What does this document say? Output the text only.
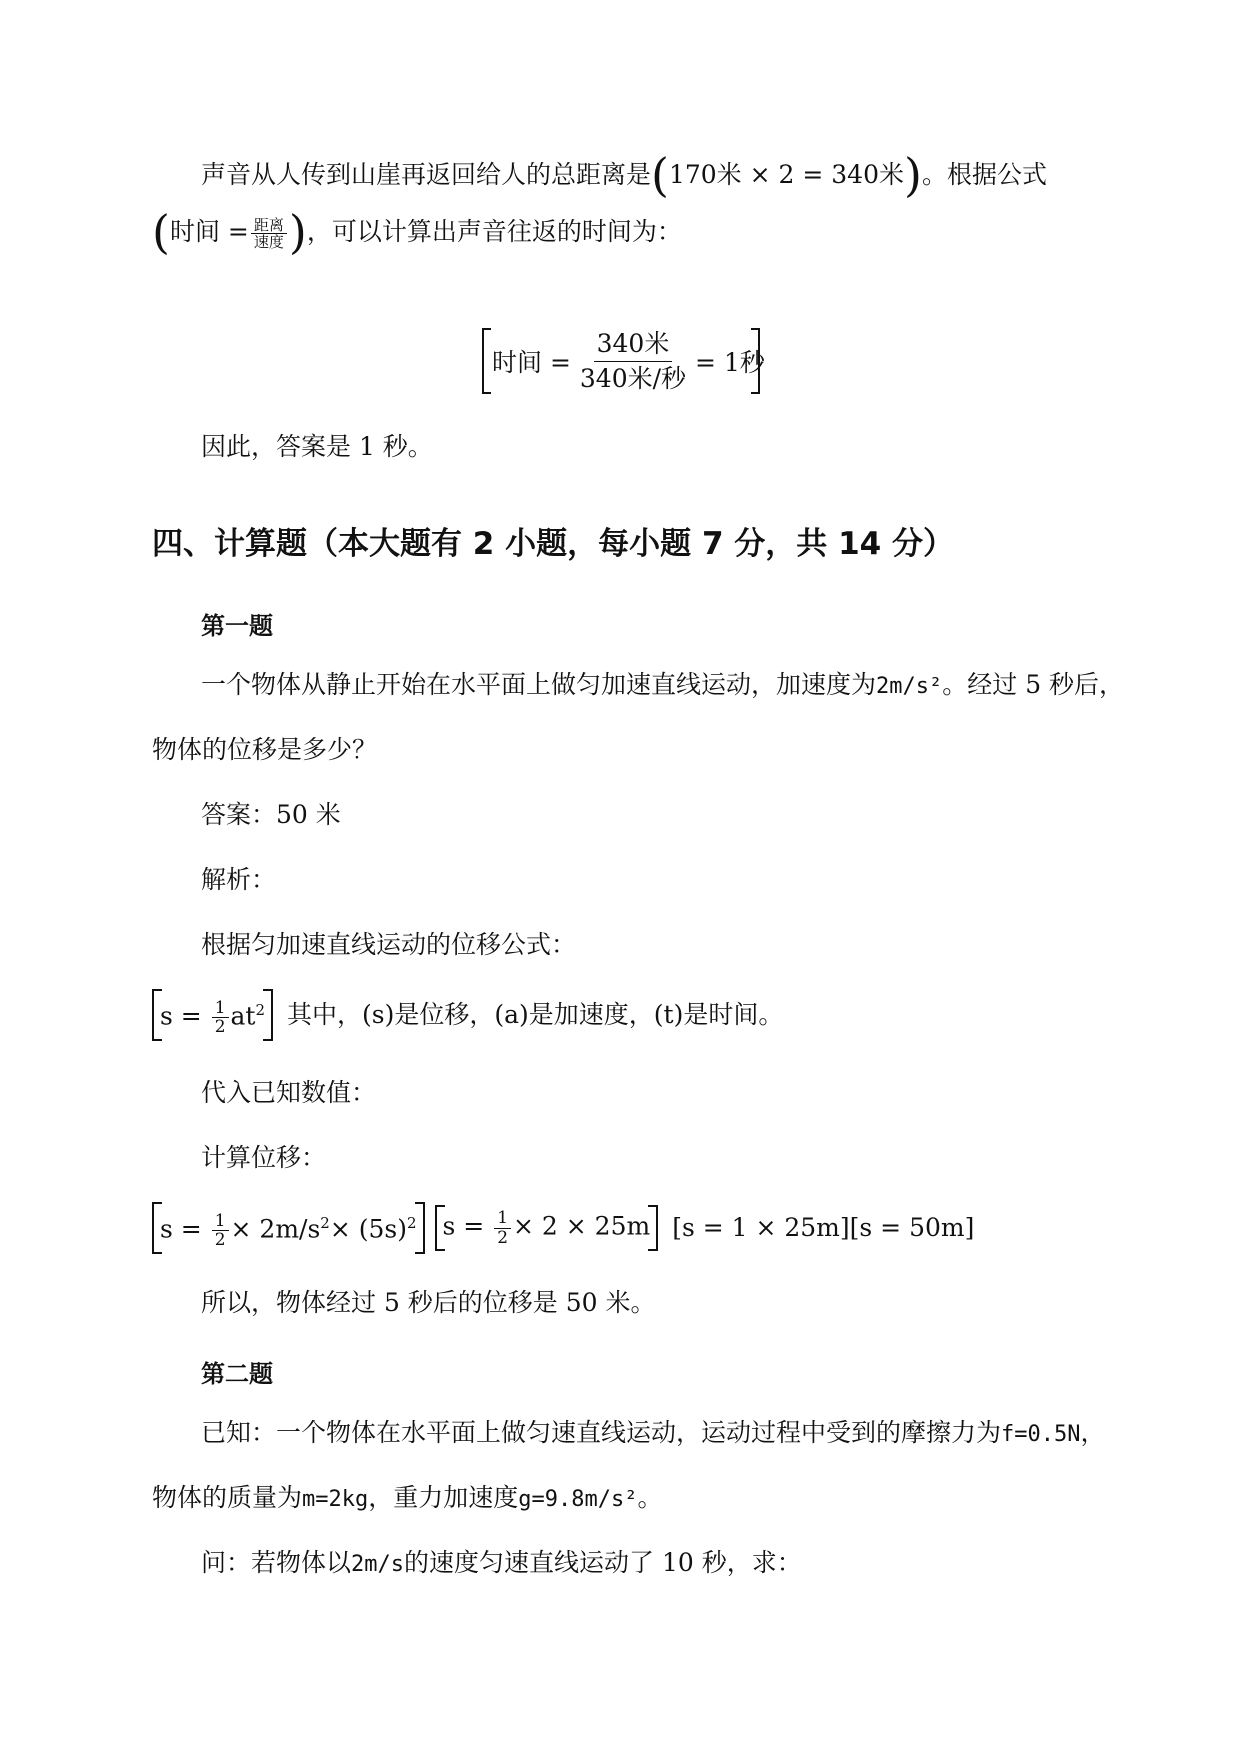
声音从人传到山崖再返回给人的总距离是(170米 × 2 = 340米)。根据公式
(时间 = $\frac{\text{距离}}{\text{速度}}$ )，可以计算出声音往返的时间为：
时间 = $\frac{\text{340米}}{\text{340米/秒}} = 1$秒
因此，答案是 1 秒。
四、计算题（本大题有 2 小题，每小题 7 分，共 14 分）
第一题
一个物体从静止开始在水平面上做匀加速直线运动，加速度为2m/s²。经过 5 秒后，
物体的位移是多少？
答案：50 米
解析：
根据匀加速直线运动的位移公式：
$s = \frac{1}{2} at^2$ 其中，(s)是位移，(a)是加速度，(t)是时间。
代入已知数值：
计算位移：
$s = \frac{1}{2} \times 2m/s^2\times (5s)^2$	$s = \frac{1}{2} \times 2 \times 25m$ [s = 1 × 25m][s = 50m]
所以，物体经过 5 秒后的位移是 50 米。
第二题
已知：一个物体在水平面上做匀速直线运动，运动过程中受到的摩擦力为f=0.5N，
物体的质量为m=2kg，重力加速度g=9.8m/s²。
问：若物体以2m/s的速度匀速直线运动了 10 秒，求：
